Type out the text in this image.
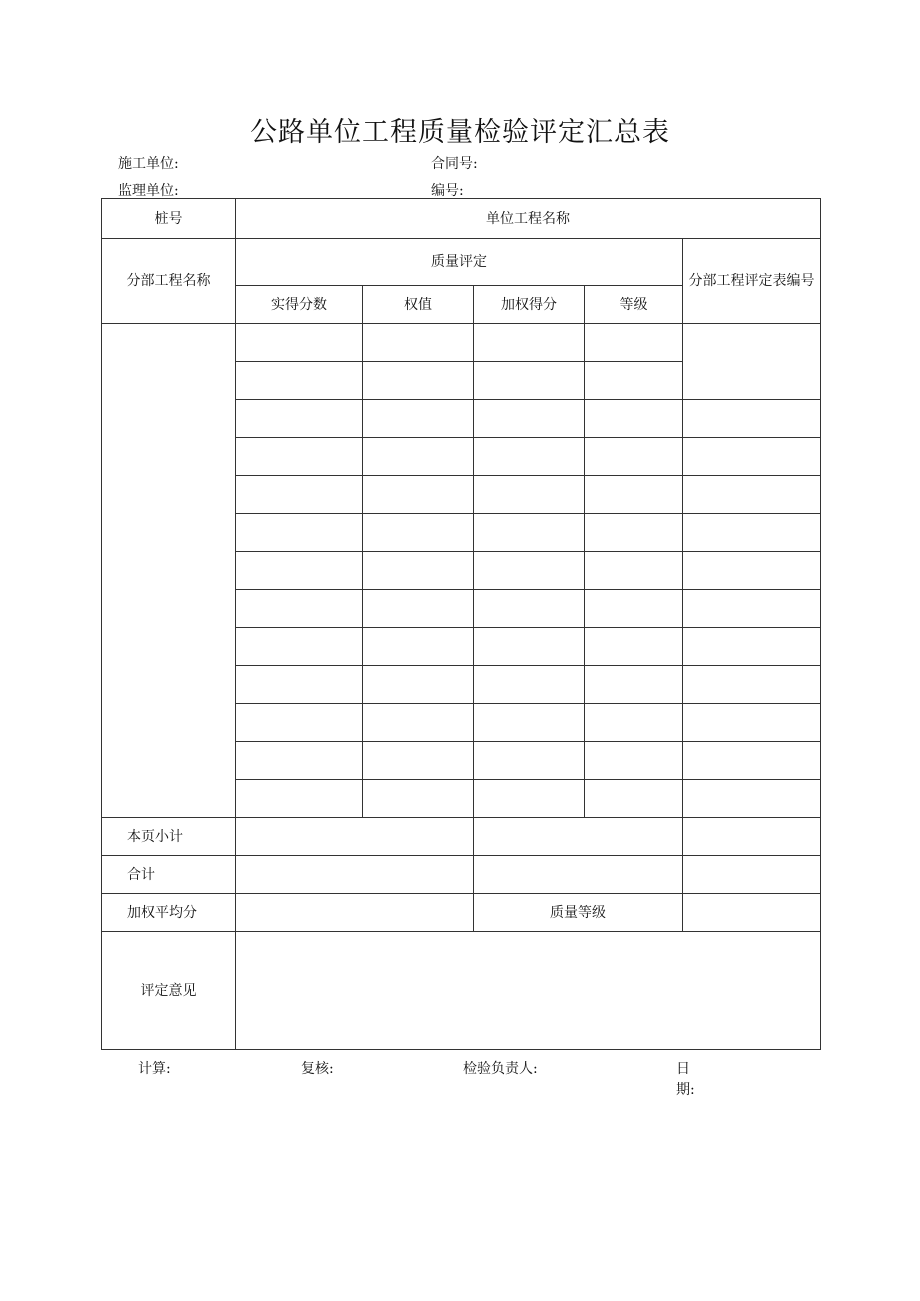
公路单位工程质量检验评定汇总表
施工单位:	合同号:
监理单位:	编号:
桩号	单位工程名称				
分部工程名称	质量评定				分部工程评定表编号
	实得分数	权值	加权得分	等级	

本页小计					
合计					
加权平均分			质量等级		
评定意见					
计算:	复核:	检验负责人:	日
期:
